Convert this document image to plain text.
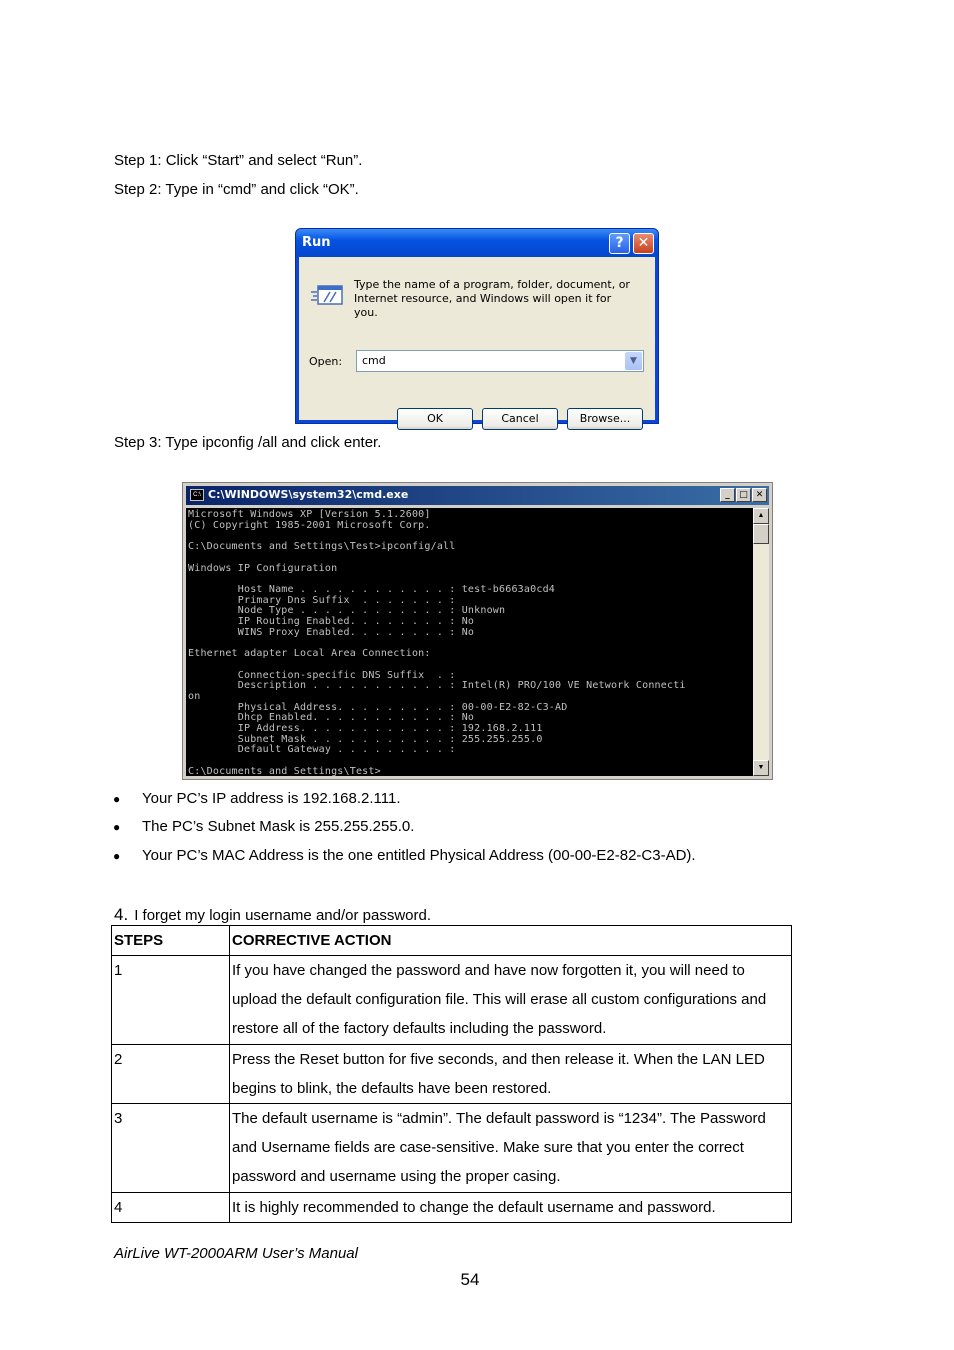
Step 1: Click “Start” and select “Run”.
Step 2: Type in “cmd” and click “OK”.
Run	?	✕
Type the name of a program, folder, document, or Internet resource, and Windows will open it for you.
Open:	cmd	▼
OK	Cancel	Browse...
Step 3: Type ipconfig /all and click enter.
C:\ C:\WINDOWS\system32\cmd.exe	_	□ ✕
Microsoft Windows XP [Version 5.1.2600]
(C) Copyright 1985-2001 Microsoft Corp.

C:\Documents and Settings\Test>ipconfig/all

Windows IP Configuration

Host Name . . . . . . . . . . . . : test-b6663a0cd4
Primary Dns Suffix  . . . . . . . :
Node Type . . . . . . . . . . . . : Unknown
IP Routing Enabled. . . . . . . . : No
WINS Proxy Enabled. . . . . . . . : No

Ethernet adapter Local Area Connection:

Connection-specific DNS Suffix  . :
Description . . . . . . . . . . . : Intel(R) PRO/100 VE Network Connecti
on
Physical Address. . . . . . . . . : 00-00-E2-82-C3-AD
Dhcp Enabled. . . . . . . . . . . : No
IP Address. . . . . . . . . . . . : 192.168.2.111
Subnet Mask . . . . . . . . . . . : 255.255.255.0
Default Gateway . . . . . . . . . :

C:\Documents and Settings\Test>
▲
▼
● Your PC’s IP address is 192.168.2.111.
● The PC’s Subnet Mask is 255.255.255.0.
● Your PC’s MAC Address is the one entitled Physical Address (00-00-E2-82-C3-AD).
4. I forget my login username and/or password.
STEPS	CORRECTIVE ACTION
1	If you have changed the password and have now forgotten it, you will need to upload the default configuration file. This will erase all custom configurations and restore all of the factory defaults including the password.
2	Press the Reset button for five seconds, and then release it. When the LAN LED begins to blink, the defaults have been restored.
3	The default username is “admin”. The default password is “1234”. The Password and Username fields are case-sensitive. Make sure that you enter the correct password and username using the proper casing.
4	It is highly recommended to change the default username and password.
AirLive WT-2000ARM User’s Manual
54
